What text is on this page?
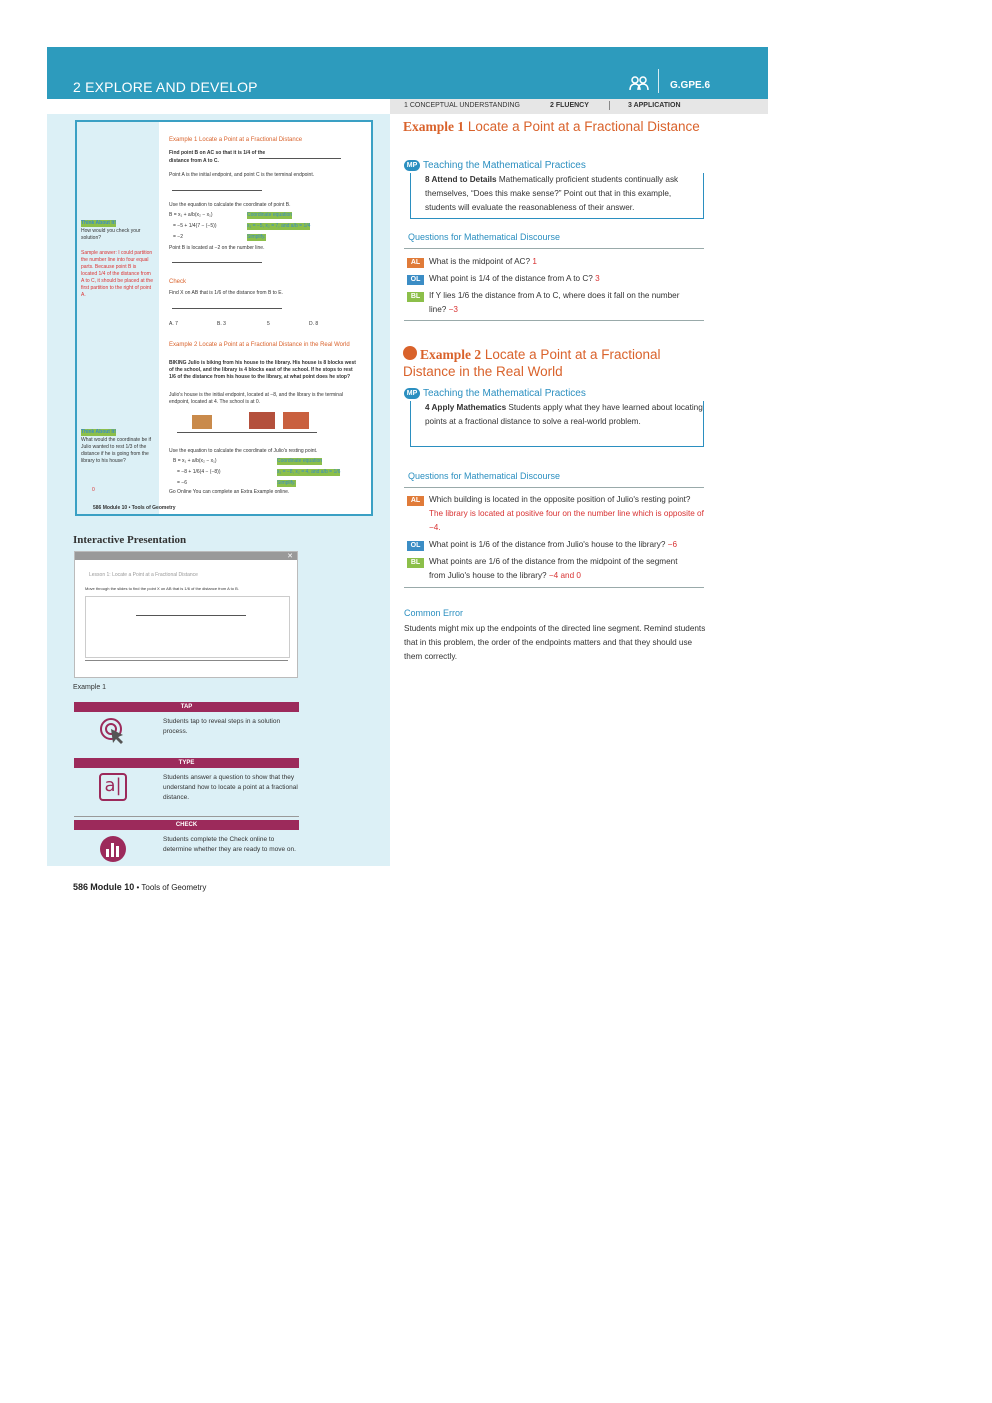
2 EXPLORE AND DEVELOP	G.GPE.6
1 CONCEPTUAL UNDERSTANDING	2 FLUENCY	3 APPLICATION
Example 1 Locate a Point at a Fractional Distance
Find point B on AC so that it is 1/4 of the
distance from A to C.
Point A is the initial endpoint, and point C is the terminal endpoint.
Use the equation to calculate the coordinate of point B.
B = x₁ + a/b(x₂ − x₁)	Coordinate equation
= −5 + 1/4(7 − (−5))	x₁ = −5, x₂ = 7, and a/b = 1/4
= −2	Simplify.
Point B is located at −2 on the number line.
Check
Find X on AB that is 1/6 of the distance from B to E.
A. 7	B. 3	5	D. 8
Think About It!
How would you check your solution?
Sample answer: I could partition the number line into four equal parts. Because point B is located 1/4 of the distance from A to C, it should be placed at the first partition to the right of point A.
Example 2 Locate a Point at a Fractional Distance in the Real World
BIKING Julio is biking from his house to the library. His house is 8 blocks west of the school, and the library is 4 blocks east of the school. If he stops to rest 1/6 of the distance from his house to the library, at what point does he stop?
Julio's house is the initial endpoint, located at −8, and the library is the terminal endpoint, located at 4. The school is at 0.
Use the equation to calculate the coordinate of Julio's resting point.
B = x₁ + a/b(x₂ − x₁)	Coordinate equation
= −8 + 1/6(4 − (−8))	x₁ = −8, x₂ = 4, and a/b = 1/6
= −6	Simplify.
Go Online You can complete an Extra Example online.
Think About It!
What would the coordinate be if Julio wanted to rest 1/3 of the distance if he is going from the library to his house?
0
586 Module 10 • Tools of Geometry
Interactive Presentation
✕
Lesson 1: Locate a Point at a Fractional Distance
Move through the slides to find the point X on AB that is 1/6 of the distance from A to B.
Example 1
TAP
Students tap to reveal steps in a solution process.
TYPE
a|	Students answer a question to show that they understand how to locate a point at a fractional distance.
CHECK
Students complete the Check online to determine whether they are ready to move on.
586 Module 10 • Tools of Geometry
Example 1 Locate a Point at a Fractional Distance
MP Teaching the Mathematical Practices
8 Attend to Details Mathematically proficient students continually ask themselves, “Does this make sense?” Point out that in this example, students will evaluate the reasonableness of their answer.
Questions for Mathematical Discourse
AL	What is the midpoint of AC? 1
OL	What point is 1/4 of the distance from A to C? 3
BL	If Y lies 1/6 the distance from A to C, where does it fall on the number line? −3
Example 2 Locate a Point at a Fractional Distance in the Real World
MP Teaching the Mathematical Practices
4 Apply Mathematics Students apply what they have learned about locating points at a fractional distance to solve a real-world problem.
Questions for Mathematical Discourse
AL	Which building is located in the opposite position of Julio's resting point? The library is located at positive four on the number line which is opposite of −4.
OL	What point is 1/6 of the distance from Julio's house to the library? −6
BL	What points are 1/6 of the distance from the midpoint of the segment from Julio's house to the library? −4 and 0
Common Error
Students might mix up the endpoints of the directed line segment. Remind students that in this problem, the order of the endpoints matters and that they should use them correctly.
